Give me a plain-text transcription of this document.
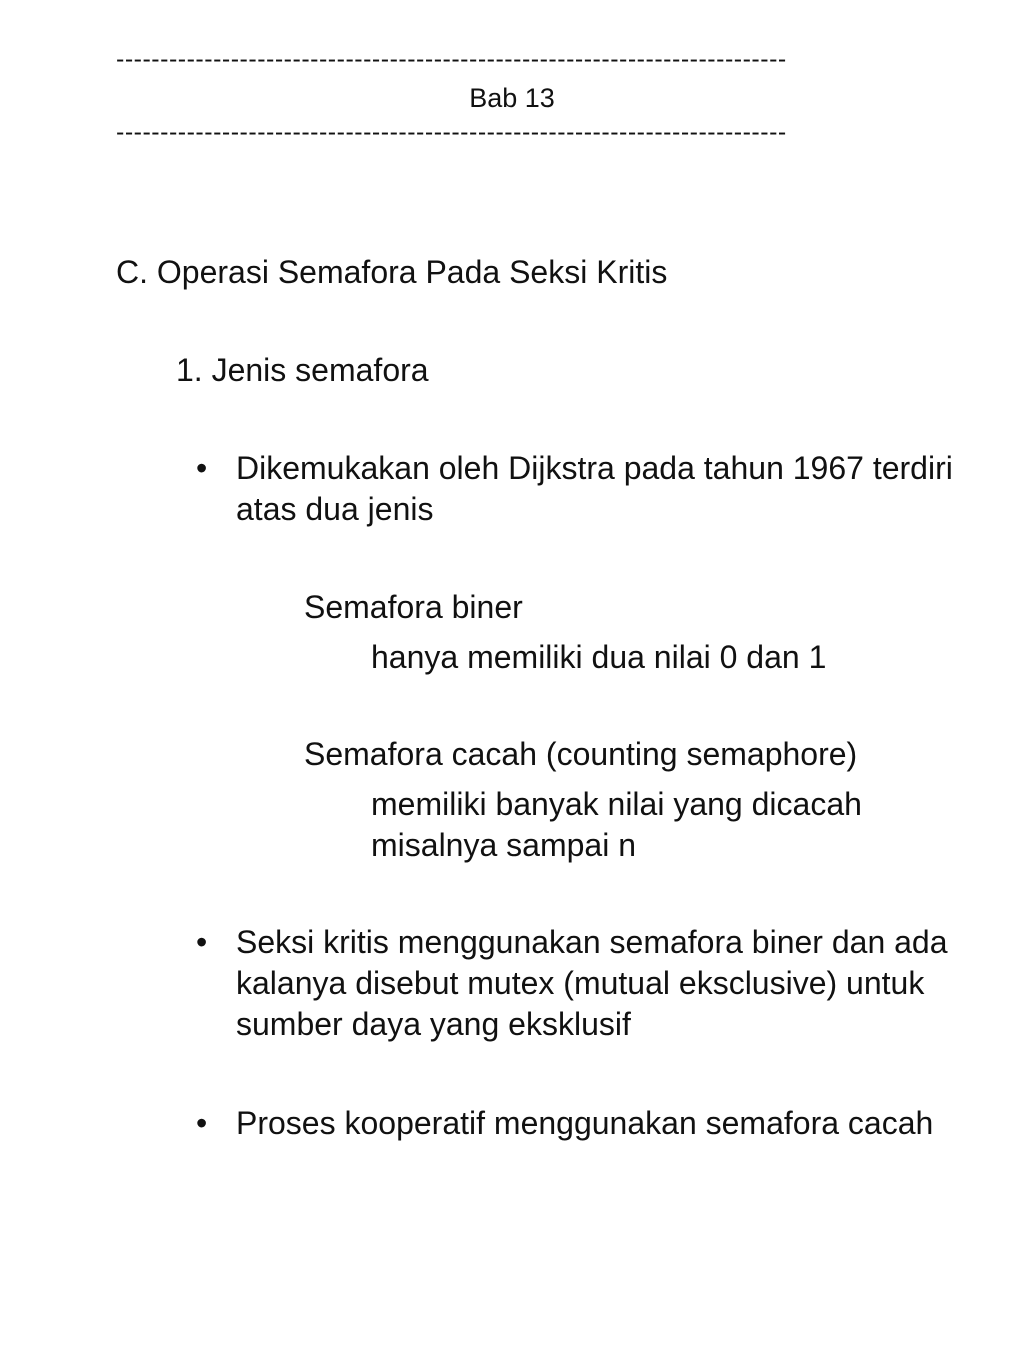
----------------------------------------------------------------------------
Bab 13
----------------------------------------------------------------------------
C. Operasi Semafora Pada Seksi Kritis
1. Jenis semafora
• Dikemukakan oleh Dijkstra pada tahun 1967 terdiri atas dua jenis
Semafora biner
hanya memiliki dua nilai 0 dan 1
Semafora cacah (counting semaphore)
memiliki banyak nilai yang dicacah misalnya sampai n
• Seksi kritis menggunakan semafora biner dan ada kalanya disebut mutex (mutual eksclusive) untuk sumber daya yang eksklusif
• Proses kooperatif menggunakan semafora cacah
